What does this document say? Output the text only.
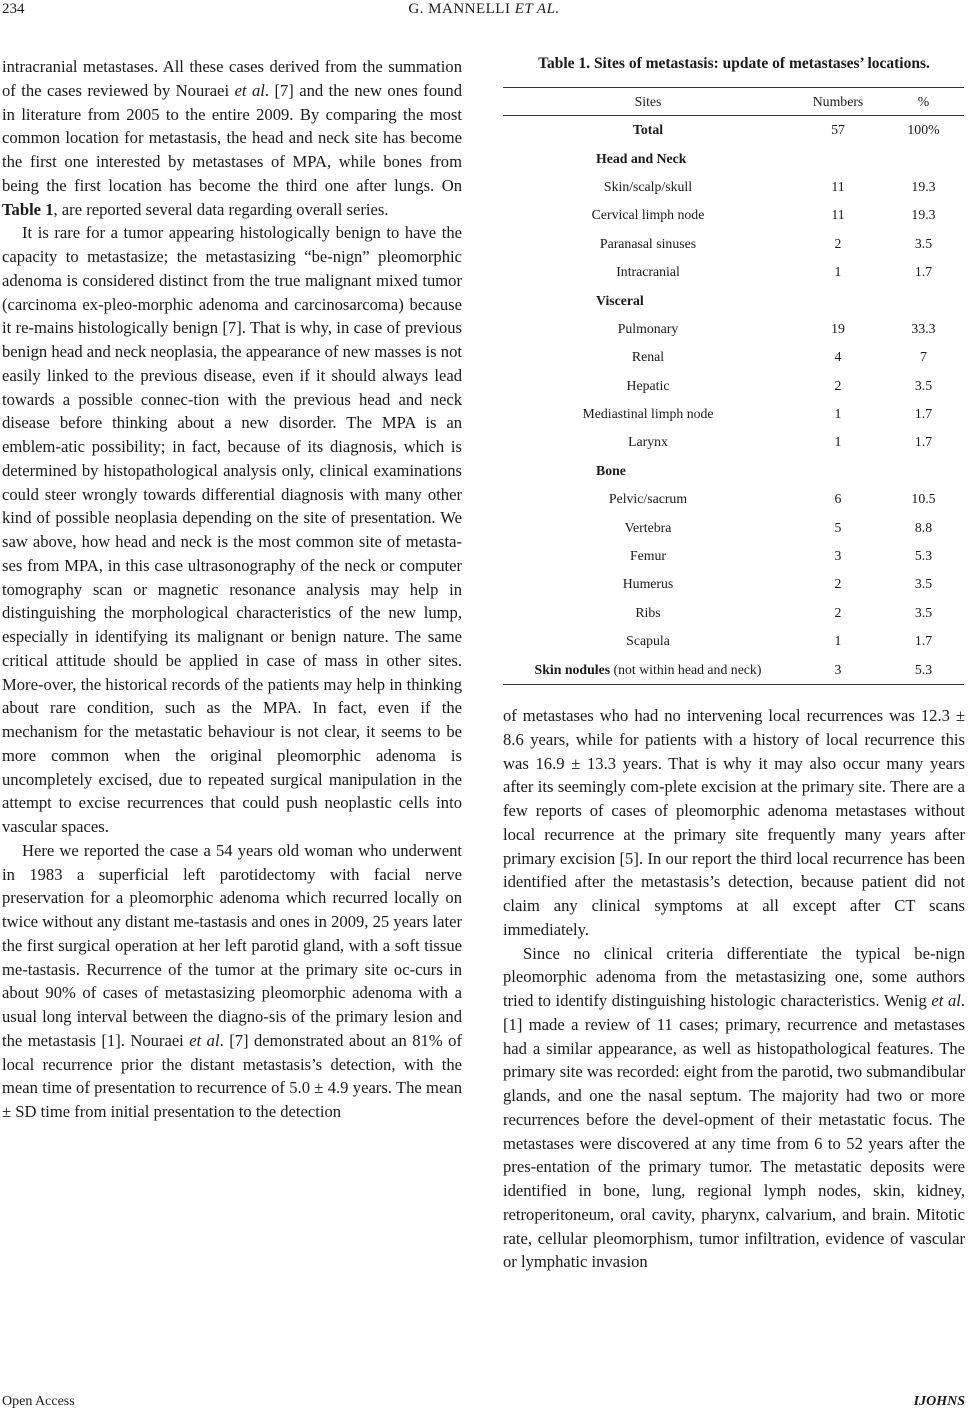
234	G. MANNELLI ET AL.

intracranial metastases. All these cases derived from the summation of the cases reviewed by Nouraei et al. [7] and the new ones found in literature from 2005 to the entire 2009. By comparing the most common location for metastasis, the head and neck site has become the first one interested by metastases of MPA, while bones from being the first location has become the third one after lungs. On Table 1, are reported several data regarding overall series.

It is rare for a tumor appearing histologically benign to have the capacity to metastasize; the metastasizing “be-nign” pleomorphic adenoma is considered distinct from the true malignant mixed tumor (carcinoma ex-pleo-morphic adenoma and carcinosarcoma) because it re-mains histologically benign [7]. That is why, in case of previous benign head and neck neoplasia, the appearance of new masses is not easily linked to the previous disease, even if it should always lead towards a possible connec-tion with the previous head and neck disease before thinking about a new disorder. The MPA is an emblem-atic possibility; in fact, because of its diagnosis, which is determined by histopathological analysis only, clinical examinations could steer wrongly towards differential diagnosis with many other kind of possible neoplasia depending on the site of presentation. We saw above, how head and neck is the most common site of metasta-ses from MPA, in this case ultrasonography of the neck or computer tomography scan or magnetic resonance analysis may help in distinguishing the morphological characteristics of the new lump, especially in identifying its malignant or benign nature. The same critical attitude should be applied in case of mass in other sites. More-over, the historical records of the patients may help in thinking about rare condition, such as the MPA. In fact, even if the mechanism for the metastatic behaviour is not clear, it seems to be more common when the original pleomorphic adenoma is uncompletely excised, due to repeated surgical manipulation in the attempt to excise recurrences that could push neoplastic cells into vascular spaces.

Here we reported the case a 54 years old woman who underwent in 1983 a superficial left parotidectomy with facial nerve preservation for a pleomorphic adenoma which recurred locally on twice without any distant me-tastasis and ones in 2009, 25 years later the first surgical operation at her left parotid gland, with a soft tissue me-tastasis. Recurrence of the tumor at the primary site oc-curs in about 90% of cases of metastasizing pleomorphic adenoma with a usual long interval between the diagno-sis of the primary lesion and the metastasis [1]. Nouraei et al. [7] demonstrated about an 81% of local recurrence prior the distant metastasis’s detection, with the mean time of presentation to recurrence of 5.0 ± 4.9 years. The mean ± SD time from initial presentation to the detection

Table 1. Sites of metastasis: update of metastases’ locations.
Sites	Numbers	%
Total	57	100%
Head and Neck		
Skin/scalp/skull	11	19.3
Cervical limph node	11	19.3
Paranasal sinuses	2	3.5
Intracranial	1	1.7
Visceral		
Pulmonary	19	33.3
Renal	4	7
Hepatic	2	3.5
Mediastinal limph node	1	1.7
Larynx	1	1.7
Bone		
Pelvic/sacrum	6	10.5
Vertebra	5	8.8
Femur	3	5.3
Humerus	2	3.5
Ribs	2	3.5
Scapula	1	1.7
Skin nodules (not within head and neck)	3	5.3

of metastases who had no intervening local recurrences was 12.3 ± 8.6 years, while for patients with a history of local recurrence this was 16.9 ± 13.3 years. That is why it may also occur many years after its seemingly com-plete excision at the primary site. There are a few reports of cases of pleomorphic adenoma metastases without local recurrence at the primary site frequently many years after primary excision [5]. In our report the third local recurrence has been identified after the metastasis’s detection, because patient did not claim any clinical symptoms at all except after CT scans immediately.

Since no clinical criteria differentiate the typical be-nign pleomorphic adenoma from the metastasizing one, some authors tried to identify distinguishing histologic characteristics. Wenig et al. [1] made a review of 11 cases; primary, recurrence and metastases had a similar appearance, as well as histopathological features. The primary site was recorded: eight from the parotid, two submandibular glands, and one the nasal septum. The majority had two or more recurrences before the devel-opment of their metastatic focus. The metastases were discovered at any time from 6 to 52 years after the pres-entation of the primary tumor. The metastatic deposits were identified in bone, lung, regional lymph nodes, skin, kidney, retroperitoneum, oral cavity, pharynx, calvarium, and brain. Mitotic rate, cellular pleomorphism, tumor infiltration, evidence of vascular or lymphatic invasion

Open Access	IJOHNS
